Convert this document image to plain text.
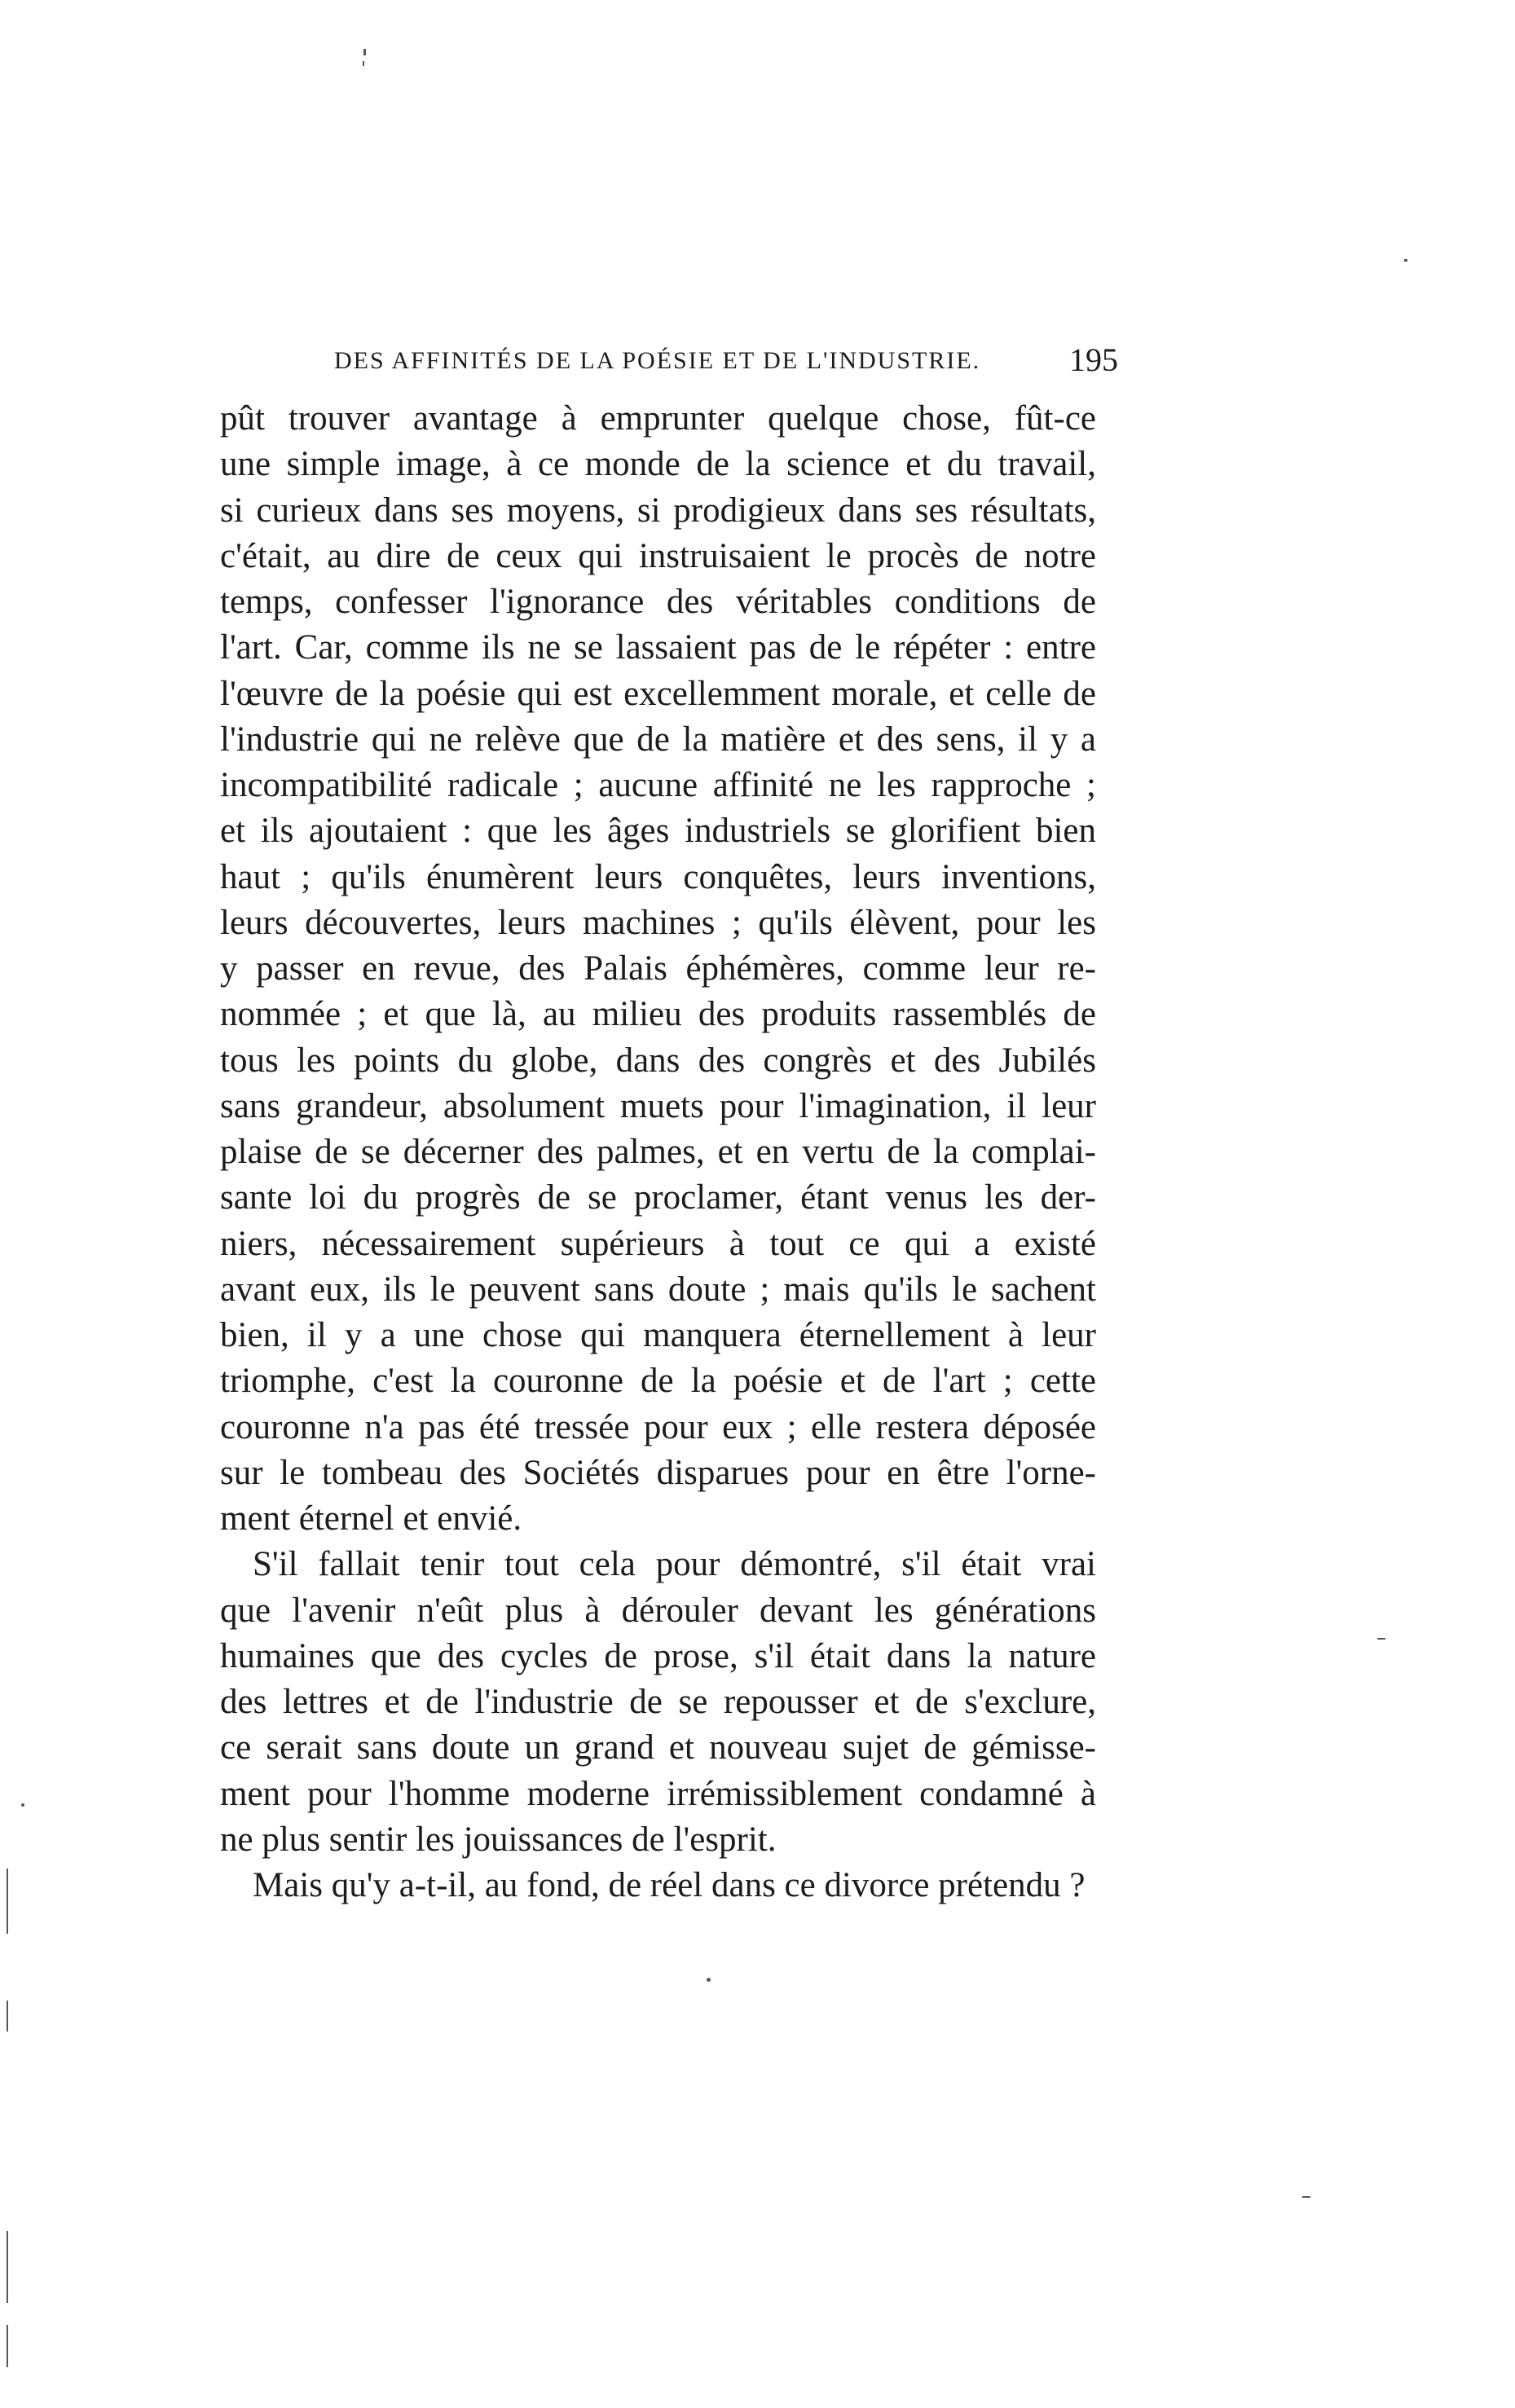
DES AFFINITÉS DE LA POÉSIE ET DE L'INDUSTRIE.	195
pût trouver avantage à emprunter quelque chose, fût-ce
une simple image, à ce monde de la science et du travail,
si curieux dans ses moyens, si prodigieux dans ses résultats,
c'était, au dire de ceux qui instruisaient le procès de notre
temps, confesser l'ignorance des véritables conditions de
l'art. Car, comme ils ne se lassaient pas de le répéter : entre
l'œuvre de la poésie qui est excellemment morale, et celle de
l'industrie qui ne relève que de la matière et des sens, il y a
incompatibilité radicale ; aucune affinité ne les rapproche ;
et ils ajoutaient : que les âges industriels se glorifient bien
haut ; qu'ils énumèrent leurs conquêtes, leurs inventions,
leurs découvertes, leurs machines ; qu'ils élèvent, pour les
y passer en revue, des Palais éphémères, comme leur re-
nommée ; et que là, au milieu des produits rassemblés de
tous les points du globe, dans des congrès et des Jubilés
sans grandeur, absolument muets pour l'imagination, il leur
plaise de se décerner des palmes, et en vertu de la complai-
sante loi du progrès de se proclamer, étant venus les der-
niers, nécessairement supérieurs à tout ce qui a existé
avant eux, ils le peuvent sans doute ; mais qu'ils le sachent
bien, il y a une chose qui manquera éternellement à leur
triomphe, c'est la couronne de la poésie et de l'art ; cette
couronne n'a pas été tressée pour eux ; elle restera déposée
sur le tombeau des Sociétés disparues pour en être l'orne-
ment éternel et envié.
S'il fallait tenir tout cela pour démontré, s'il était vrai
que l'avenir n'eût plus à dérouler devant les générations
humaines que des cycles de prose, s'il était dans la nature
des lettres et de l'industrie de se repousser et de s'exclure,
ce serait sans doute un grand et nouveau sujet de gémisse-
ment pour l'homme moderne irrémissiblement condamné à
ne plus sentir les jouissances de l'esprit.
Mais qu'y a-t-il, au fond, de réel dans ce divorce prétendu ?
